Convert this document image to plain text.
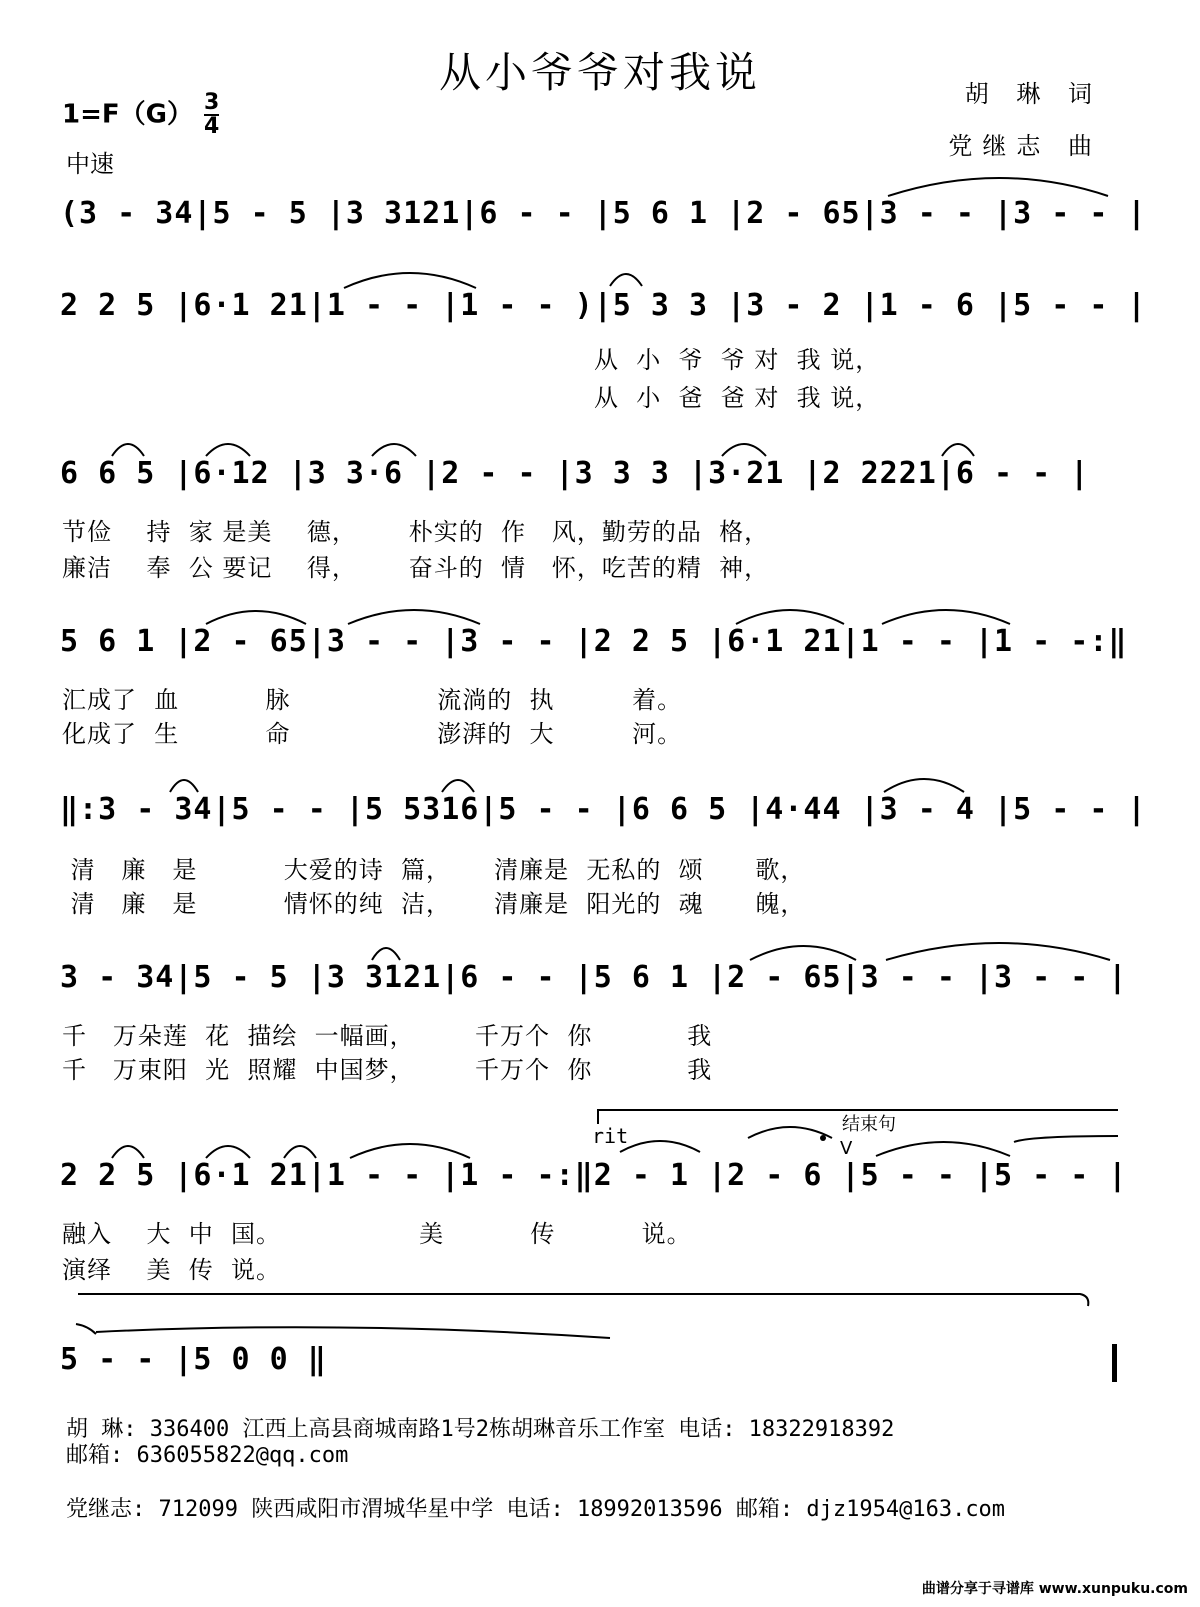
从小爷爷对我说	胡 琳 词
党继志 曲
$1=F(G) \frac{3}{4}$
中速
(3 - 34|5 - 5 |3 3121|6 - - |5 6 1 |2 - 65|3 - - |3 - - |
2 2 5 |6·1 21|1 - - |1 - - )|5 3 3 |3 - 2 |1 - 6 |5 - - |
从  小  爷  爷 对  我 说，
从  小  爸  爸 对  我 说，
6 6 5 |6·12 |3 3·6 |2 - - |3 3 3 |3·21 |2 2221|6 - - |
节俭    持  家 是美    德，      朴实的  作   风，勤劳的品  格，
廉洁    奉  公 要记    得，      奋斗的  情   怀，吃苦的精  神，
5 6 1 |2 - 65|3 - - |3 - - |2 2 5 |6·1 21|1 - - |1 - -:‖
汇成了  血          脉                 流淌的  执         着。
化成了  生          命                 澎湃的  大         河。
‖:3 - 34|5 - - |5 5316|5 - - |6 6 5 |4·44 |3 - 4 |5 - - |
清   廉   是          大爱的诗  篇，     清廉是  无私的  颂      歌，
清   廉   是          情怀的纯  洁，     清廉是  阳光的  魂      魄，
3 - 34|5 - 5 |3 3121|6 - - |5 6 1 |2 - 65|3 - - |3 - - |
千   万朵莲  花  描绘  一幅画，       千万个  你           我
千   万束阳  光  照耀  中国梦，       千万个  你           我
rit	结束句
V
2 2 5 |6·1 21|1 - - |1 - -:‖2 - 1 |2 - 6 |5 - - |5 - - |
融入    大  中  国。                美          传          说。
演绎    美  传  说。
5 - - |5 0 0 ‖
胡 琳: 336400 江西上高县商城南路1号2栋胡琳音乐工作室 电话: 18322918392
邮箱: 636055822@qq.com
党继志: 712099 陕西咸阳市渭城华星中学 电话: 18992013596 邮箱: djz1954@163.com
曲谱分享于寻谱库 www.xunpuku.com
